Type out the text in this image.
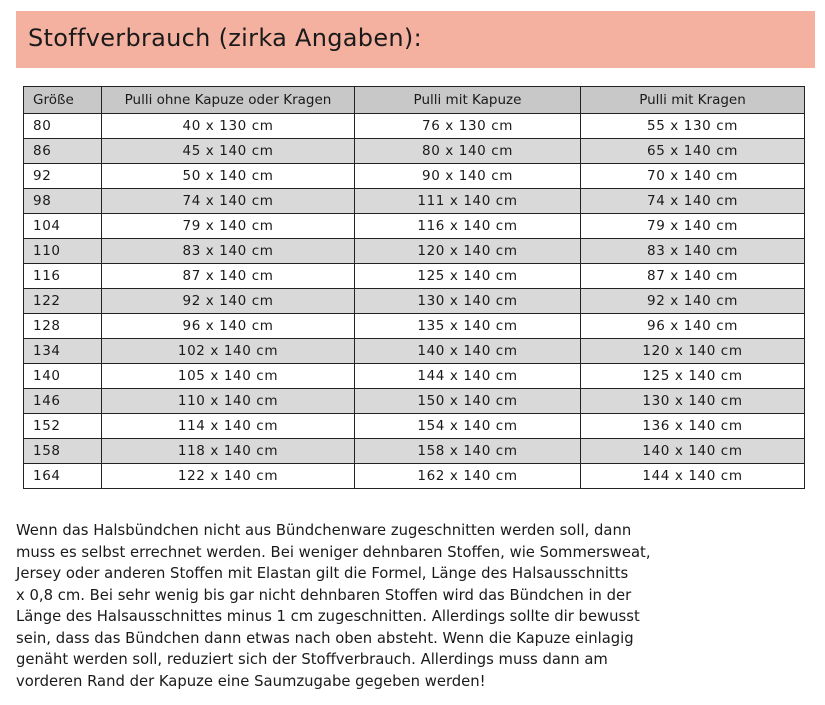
Stoffverbrauch (zirka Angaben):
Größe	Pulli ohne Kapuze oder Kragen	Pulli mit Kapuze	Pulli mit Kragen
80	40 x 130 cm	76 x 130 cm	55 x 130 cm
86	45 x 140 cm	80 x 140 cm	65 x 140 cm
92	50 x 140 cm	90 x 140 cm	70 x 140 cm
98	74 x 140 cm	111 x 140 cm	74 x 140 cm
104	79 x 140 cm	116 x 140 cm	79 x 140 cm
110	83 x 140 cm	120 x 140 cm	83 x 140 cm
116	87 x 140 cm	125 x 140 cm	87 x 140 cm
122	92 x 140 cm	130 x 140 cm	92 x 140 cm
128	96 x 140 cm	135 x 140 cm	96 x 140 cm
134	102 x 140 cm	140 x 140 cm	120 x 140 cm
140	105 x 140 cm	144 x 140 cm	125 x 140 cm
146	110 x 140 cm	150 x 140 cm	130 x 140 cm
152	114 x 140 cm	154 x 140 cm	136 x 140 cm
158	118 x 140 cm	158 x 140 cm	140 x 140 cm
164	122 x 140 cm	162 x 140 cm	144 x 140 cm
Wenn das Halsbündchen nicht aus Bündchenware zugeschnitten werden soll, dann
muss es selbst errechnet werden. Bei weniger dehnbaren Stoffen, wie Sommersweat,
Jersey oder anderen Stoffen mit Elastan gilt die Formel, Länge des Halsausschnitts
x 0,8 cm. Bei sehr wenig bis gar nicht dehnbaren Stoffen wird das Bündchen in der
Länge des Halsausschnittes minus 1 cm zugeschnitten. Allerdings sollte dir bewusst
sein, dass das Bündchen dann etwas nach oben absteht. Wenn die Kapuze einlagig
genäht werden soll, reduziert sich der Stoffverbrauch. Allerdings muss dann am
vorderen Rand der Kapuze eine Saumzugabe gegeben werden!
